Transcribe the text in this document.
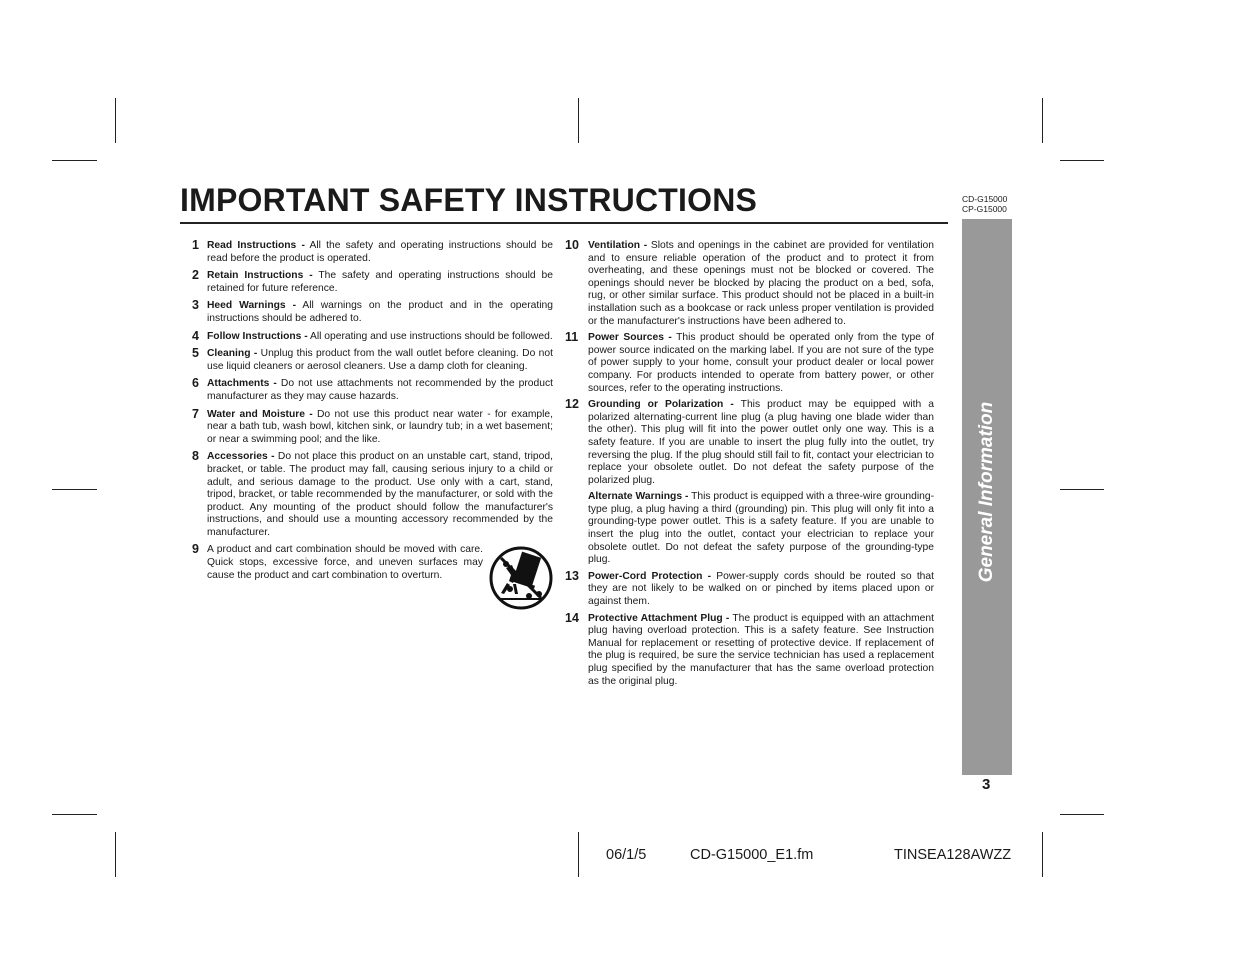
IMPORTANT SAFETY INSTRUCTIONS	CD-G15000
CP-G15000
General Information
3
1 Read Instructions - All the safety and operating instructions should be read before the product is operated.
2 Retain Instructions - The safety and operating instructions should be retained for future reference.
3 Heed Warnings - All warnings on the product and in the operating instructions should be adhered to.
4 Follow Instructions - All operating and use instructions should be followed.
5 Cleaning - Unplug this product from the wall outlet before cleaning. Do not use liquid cleaners or aerosol cleaners. Use a damp cloth for cleaning.
6 Attachments - Do not use attachments not recommended by the product manufacturer as they may cause hazards.
7 Water and Moisture - Do not use this product near water - for example, near a bath tub, wash bowl, kitchen sink, or laundry tub; in a wet basement; or near a swimming pool; and the like.
8 Accessories - Do not place this product on an unstable cart, stand, tripod, bracket, or table. The product may fall, causing serious injury to a child or adult, and serious damage to the product. Use only with a cart, stand, tripod, bracket, or table recommended by the manufacturer, or sold with the product. Any mounting of the product should follow the manufacturer's instructions, and should use a mounting accessory recommended by the manufacturer.
9 A product and cart combination should be moved with care. Quick stops, excessive force, and uneven surfaces may cause the product and cart combination to overturn.
10 Ventilation - Slots and openings in the cabinet are provided for ventilation and to ensure reliable operation of the product and to protect it from overheating, and these openings must not be blocked or covered. The openings should never be blocked by placing the product on a bed, sofa, rug, or other similar surface. This product should not be placed in a built-in installation such as a bookcase or rack unless proper ventilation is provided or the manufacturer's instructions have been adhered to.
11 Power Sources - This product should be operated only from the type of power source indicated on the marking label. If you are not sure of the type of power supply to your home, consult your product dealer or local power company. For products intended to operate from battery power, or other sources, refer to the operating instructions.
12 Grounding or Polarization - This product may be equipped with a polarized alternating-current line plug (a plug having one blade wider than the other). This plug will fit into the power outlet only one way. This is a safety feature. If you are unable to insert the plug fully into the outlet, try reversing the plug. If the plug should still fail to fit, contact your electrician to replace your obsolete outlet. Do not defeat the safety purpose of the polarized plug.
Alternate Warnings - This product is equipped with a three-wire grounding-type plug, a plug having a third (grounding) pin. This plug will only fit into a grounding-type power outlet. This is a safety feature. If you are unable to insert the plug into the outlet, contact your electrician to replace your obsolete outlet. Do not defeat the safety purpose of the grounding-type plug.
13 Power-Cord Protection - Power-supply cords should be routed so that they are not likely to be walked on or pinched by items placed upon or against them.
14 Protective Attachment Plug - The product is equipped with an attachment plug having overload protection. This is a safety feature. See Instruction Manual for replacement or resetting of protective device. If replacement of the plug is required, be sure the service technician has used a replacement plug specified by the manufacturer that has the same overload protection as the original plug.
06/1/5	CD-G15000_E1.fm	TINSEA128AWZZ
